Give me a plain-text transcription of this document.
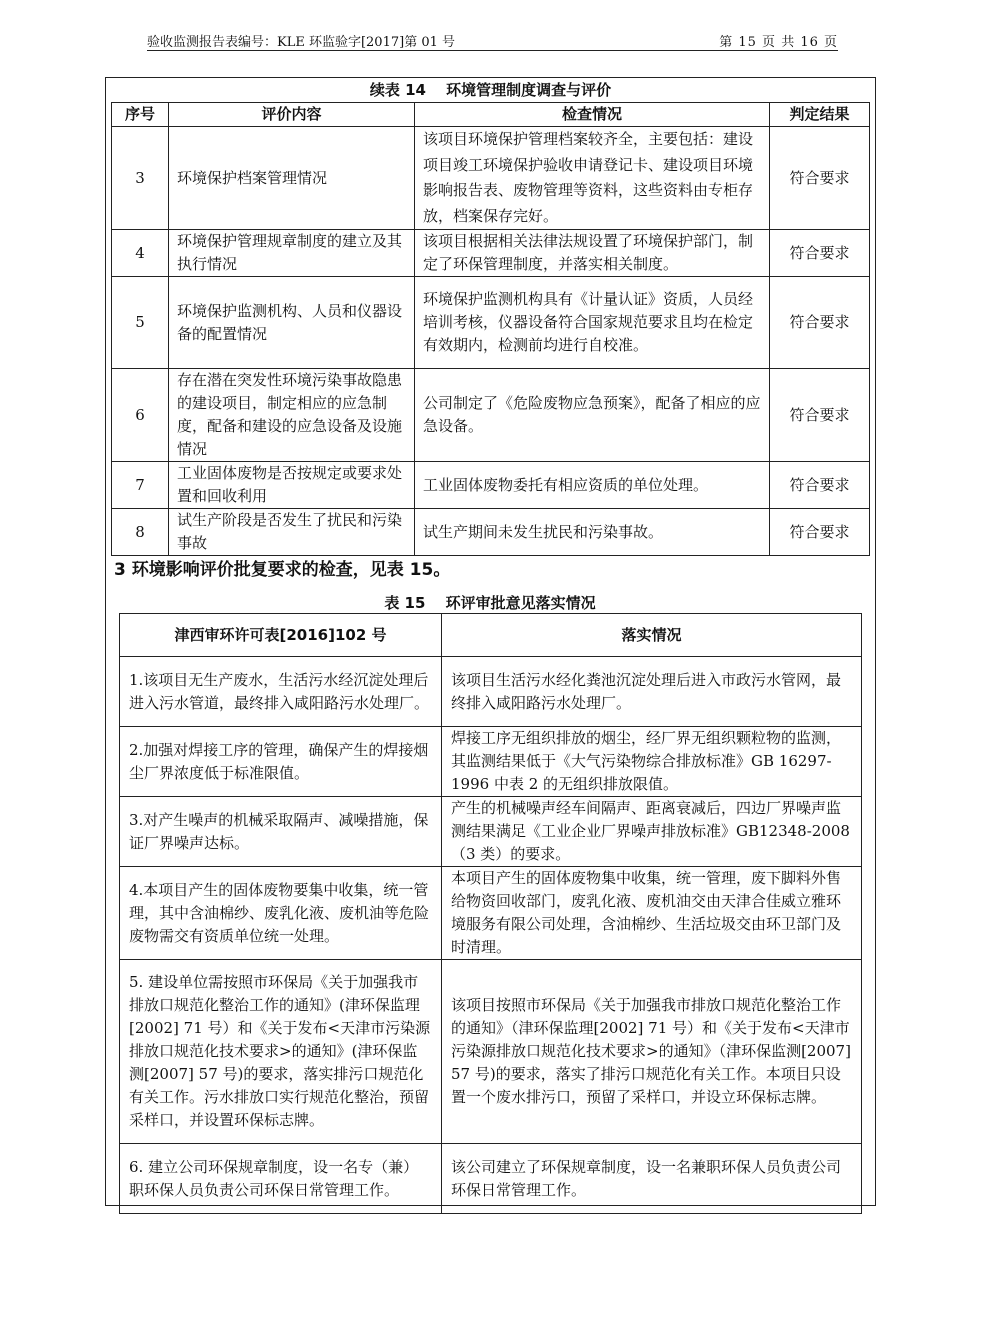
验收监测报告表编号：KLE 环监验字[2017]第 01 号	第 15 页 共 16 页
续表 14　 环境管理制度调查与评价			
序号	评价内容	检查情况	判定结果
3	环境保护档案管理情况	该项目环境保护管理档案较齐全，主要包括：建设项目竣工环境保护验收申请登记卡、建设项目环境影响报告表、废物管理等资料，这些资料由专柜存放，档案保存完好。	符合要求
4	环境保护管理规章制度的建立及其执行情况	该项目根据相关法律法规设置了环境保护部门，制定了环保管理制度，并落实相关制度。	符合要求
5	环境保护监测机构、人员和仪器设备的配置情况	环境保护监测机构具有《计量认证》资质，人员经培训考核，仪器设备符合国家规范要求且均在检定有效期内，检测前均进行自校准。	符合要求
6	存在潜在突发性环境污染事故隐患的建设项目，制定相应的应急制度，配备和建设的应急设备及设施情况	公司制定了《危险废物应急预案》，配备了相应的应急设备。	符合要求
7	工业固体废物是否按规定或要求处置和回收利用	工业固体废物委托有相应资质的单位处理。	符合要求
8	试生产阶段是否发生了扰民和污染事故	试生产期间未发生扰民和污染事故。	符合要求
3 环境影响评价批复要求的检查，见表 15。
表 15　 环评审批意见落实情况
津西审环许可表[2016]102 号	落实情况
1.该项目无生产废水，生活污水经沉淀处理后进入污水管道，最终排入咸阳路污水处理厂。	该项目生活污水经化粪池沉淀处理后进入市政污水管网，最终排入咸阳路污水处理厂。
2.加强对焊接工序的管理，确保产生的焊接烟尘厂界浓度低于标准限值。	焊接工序无组织排放的烟尘，经厂界无组织颗粒物的监测，其监测结果低于《大气污染物综合排放标准》GB 16297-1996 中表 2 的无组织排放限值。
3.对产生噪声的机械采取隔声、减噪措施，保证厂界噪声达标。	产生的机械噪声经车间隔声、距离衰减后，四边厂界噪声监测结果满足《工业企业厂界噪声排放标准》GB12348-2008（3 类）的要求。
4.本项目产生的固体废物要集中收集，统一管理，其中含油棉纱、废乳化液、废机油等危险废物需交有资质单位统一处理。	本项目产生的固体废物集中收集，统一管理，废下脚料外售给物资回收部门，废乳化液、废机油交由天津合佳威立雅环境服务有限公司处理，含油棉纱、生活垃圾交由环卫部门及时清理。
5. 建设单位需按照市环保局《关于加强我市排放口规范化整治工作的通知》(津环保监理[2002] 71 号）和《关于发布<天津市污染源排放口规范化技术要求>的通知》(津环保监测[2007] 57 号)的要求，落实排污口规范化有关工作。污水排放口实行规范化整治，预留采样口，并设置环保标志牌。	该项目按照市环保局《关于加强我市排放口规范化整治工作的通知》（津环保监理[2002] 71 号）和《关于发布<天津市污染源排放口规范化技术要求>的通知》（津环保监测[2007] 57 号)的要求，落实了排污口规范化有关工作。本项目只设置一个废水排污口，预留了采样口，并设立环保标志牌。
6. 建立公司环保规章制度，设一名专（兼）职环保人员负责公司环保日常管理工作。	该公司建立了环保规章制度，设一名兼职环保人员负责公司环保日常管理工作。
